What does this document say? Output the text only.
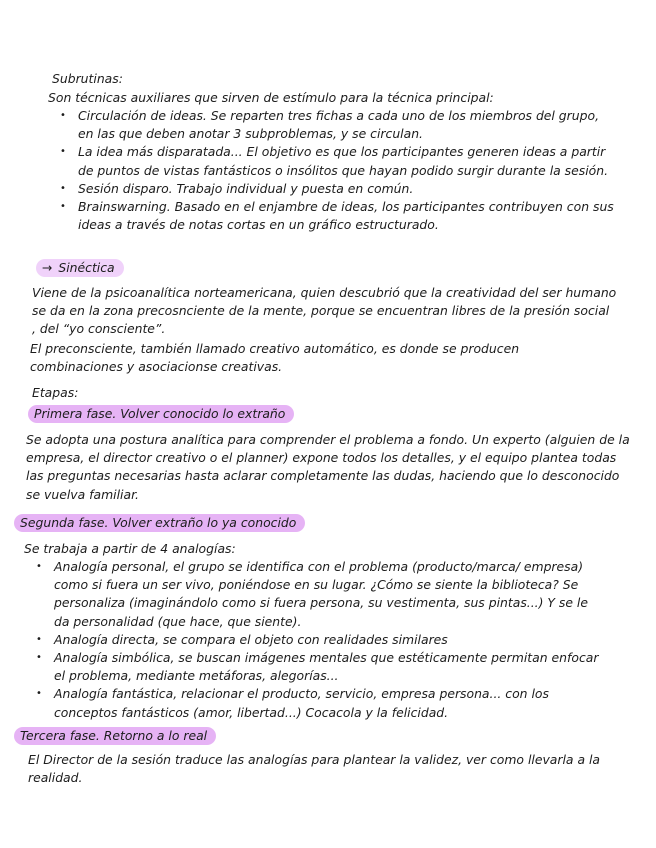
Subrutinas:
Son técnicas auxiliares que sirven de estímulo para la técnica principal:
• Circulación de ideas. Se reparten tres fichas a cada uno de los miembros del grupo, en las que deben anotar 3 subproblemas, y se circulan.
• La idea más disparatada... El objetivo es que los participantes generen ideas a partir de puntos de vistas fantásticos o insólitos que hayan podido surgir durante la sesión.
• Sesión disparo. Trabajo individual y puesta en común.
• Brainswarning. Basado en el enjambre de ideas, los participantes contribuyen con sus ideas a través de notas cortas en un gráfico estructurado.
→ Sinéctica
Viene de la psicoanalítica norteamericana, quien descubrió que la creatividad del ser humano se da en la zona precosnciente de la mente, porque se encuentran libres de la presión social , del “yo consciente”.
El preconsciente, también llamado creativo automático, es donde se producen combinaciones y asociacionse creativas.
Etapas:
Primera fase. Volver conocido lo extraño
Se adopta una postura analítica para comprender el problema a fondo. Un experto (alguien de la empresa, el director creativo o el planner) expone todos los detalles, y el equipo plantea todas las preguntas necesarias hasta aclarar completamente las dudas, haciendo que lo desconocido se vuelva familiar.
Segunda fase. Volver extraño lo ya conocido
Se trabaja a partir de 4 analogías:
• Analogía personal, el grupo se identifica con el problema (producto/marca/ empresa) como si fuera un ser vivo, poniéndose en su lugar. ¿Cómo se siente la biblioteca? Se personaliza (imaginándolo como si fuera persona, su vestimenta, sus pintas...) Y se le da personalidad (que hace, que siente).
• Analogía directa, se compara el objeto con realidades similares
• Analogía simbólica, se buscan imágenes mentales que estéticamente permitan enfocar el problema, mediante metáforas, alegorías...
• Analogía fantástica, relacionar el producto, servicio, empresa persona... con los conceptos fantásticos (amor, libertad...) Cocacola y la felicidad.
Tercera fase. Retorno a lo real
El Director de la sesión traduce las analogías para plantear la validez, ver como llevarla a la realidad.
